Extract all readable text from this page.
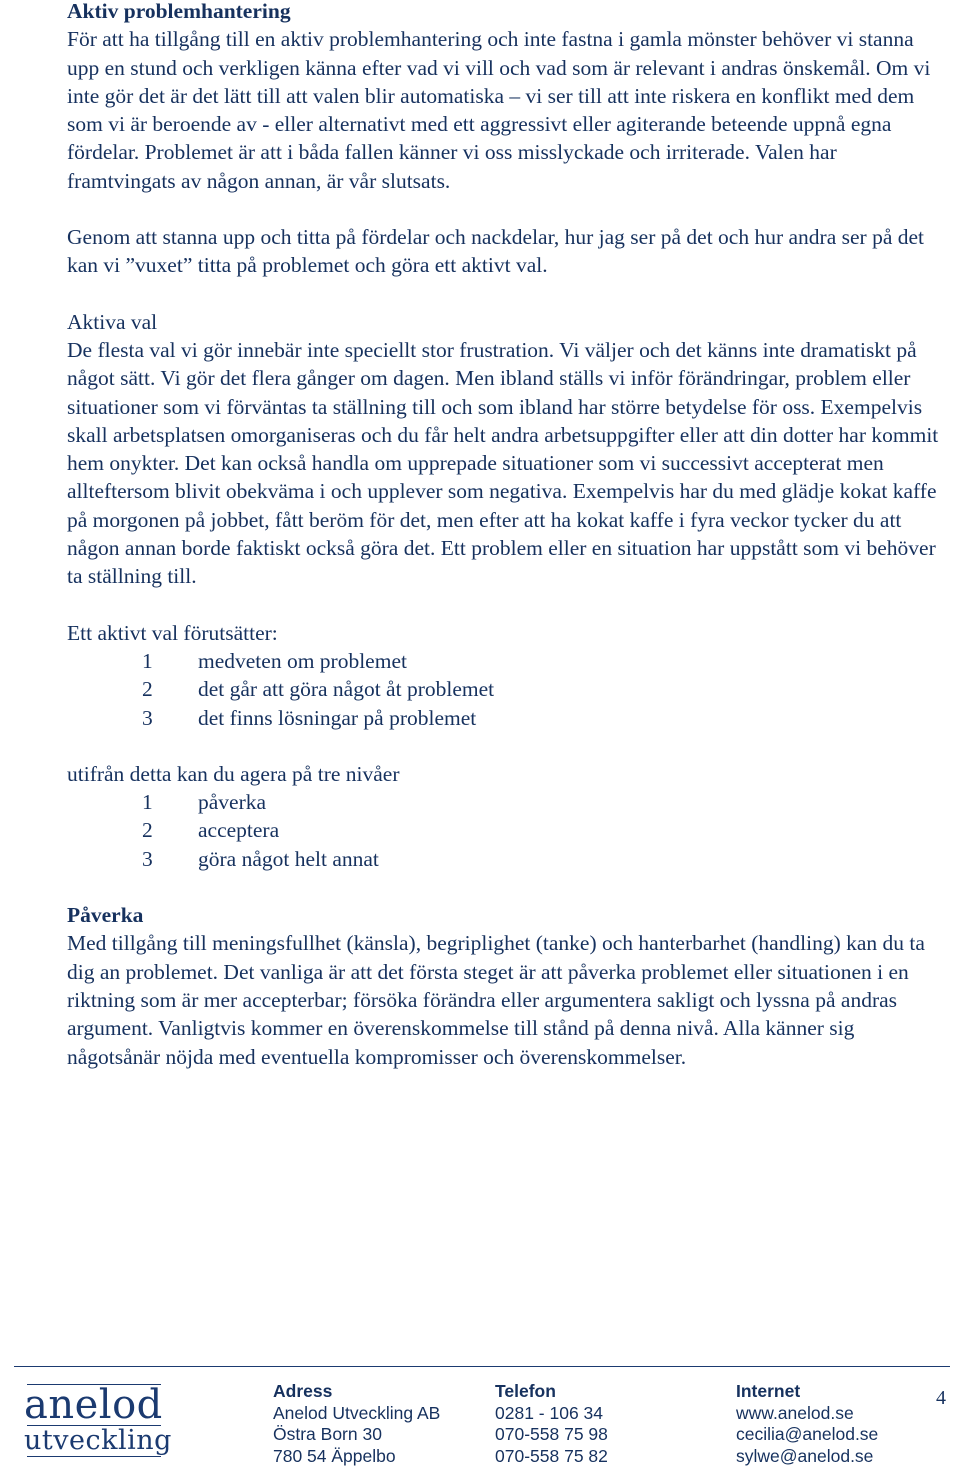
Aktiv problemhantering

För att ha tillgång till en aktiv problemhantering och inte fastna i gamla mönster behöver vi stanna upp en stund och verkligen känna efter vad vi vill och vad som är relevant i andras önskemål. Om vi inte gör det är det lätt till att valen blir automatiska – vi ser till att inte riskera en konflikt med dem som vi är beroende av - eller alternativt med ett aggressivt eller agiterande beteende uppnå egna fördelar. Problemet är att i båda fallen känner vi oss misslyckade och irriterade. Valen har framtvingats av någon annan, är vår slutsats.

Genom att stanna upp och titta på fördelar och nackdelar, hur jag ser på det och hur andra ser på det kan vi ”vuxet” titta på problemet och göra ett aktivt val.

Aktiva val

De flesta val vi gör innebär inte speciellt stor frustration. Vi väljer och det känns inte dramatiskt på något sätt. Vi gör det flera gånger om dagen. Men ibland ställs vi inför förändringar, problem eller situationer som vi förväntas ta ställning till och som ibland har större betydelse för oss. Exempelvis skall arbetsplatsen omorganiseras och du får helt andra arbetsuppgifter eller att din dotter har kommit hem onykter. Det kan också handla om upprepade situationer som vi successivt accepterat men allteftersom blivit obekväma i och upplever som negativa. Exempelvis har du med glädje kokat kaffe på morgonen på jobbet, fått beröm för det, men efter att ha kokat kaffe i fyra veckor tycker du att någon annan borde faktiskt också göra det. Ett problem eller en situation har uppstått som vi behöver ta ställning till.

Ett aktivt val förutsätter:

1	medveten om problemet
2	det går att göra något åt problemet
3	det finns lösningar på problemet

utifrån detta kan du agera på tre nivåer

1	påverka
2	acceptera
3	göra något helt annat
Påverka

Med tillgång till meningsfullhet (känsla), begriplighet (tanke) och hanterbarhet (handling) kan du ta dig an problemet. Det vanliga är att det första steget är att påverka problemet eller situationen i en riktning som är mer accepterbar; försöka förändra eller argumentera sakligt och lyssna på andras argument. Vanligtvis kommer en överenskommelse till stånd på denna nivå. Alla känner sig någotsånär nöjda med eventuella kompromisser och överenskommelser.

anelod
utveckling
Adress
Anelod Utveckling AB
Östra Born 30
780 54 Äppelbo
Telefon
0281 - 106 34
070-558 75 98
070-558 75 82
Internet
www.anelod.se
cecilia@anelod.se
sylwe@anelod.se
4
